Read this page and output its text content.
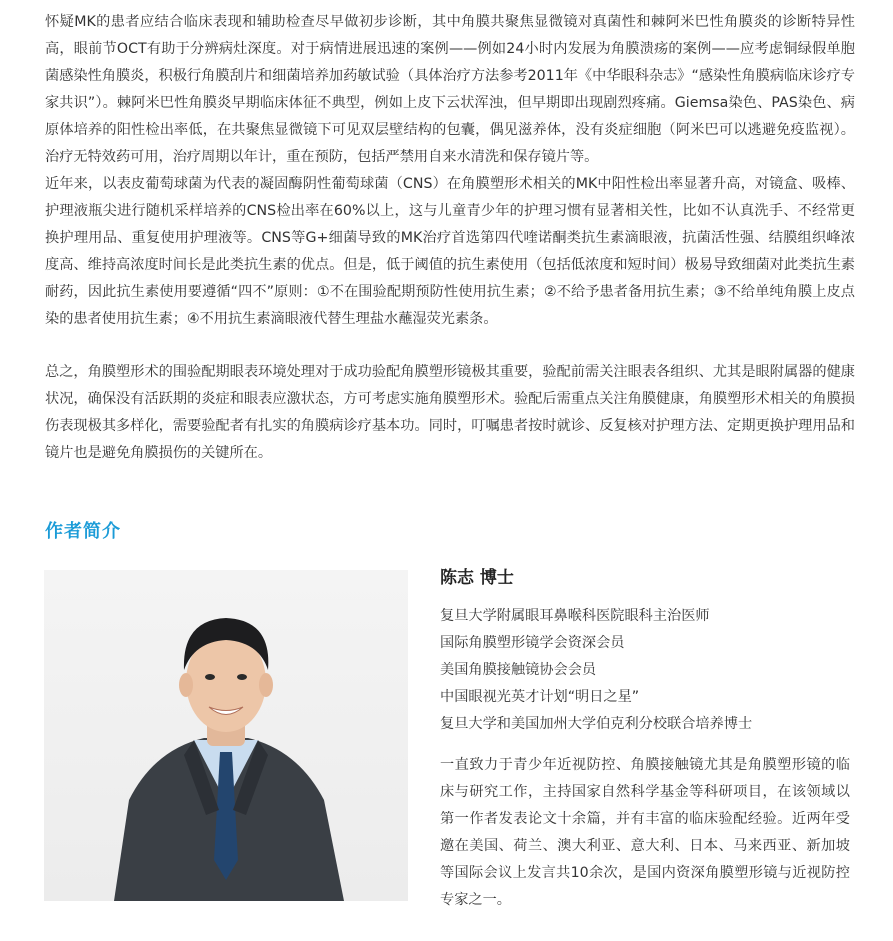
怀疑MK的患者应结合临床表现和辅助检查尽早做初步诊断，其中角膜共聚焦显微镜对真菌性和棘阿米巴性角膜炎的诊断特异性高，眼前节OCT有助于分辨病灶深度。对于病情进展迅速的案例——例如24小时内发展为角膜溃疡的案例——应考虑铜绿假单胞菌感染性角膜炎，积极行角膜刮片和细菌培养加药敏试验（具体治疗方法参考2011年《中华眼科杂志》“感染性角膜病临床诊疗专家共识”）。棘阿米巴性角膜炎早期临床体征不典型，例如上皮下云状浑浊，但早期即出现剧烈疼痛。Giemsa染色、PAS染色、病原体培养的阳性检出率低，在共聚焦显微镜下可见双层壁结构的包囊，偶见滋养体，没有炎症细胞（阿米巴可以逃避免疫监视）。治疗无特效药可用，治疗周期以年计，重在预防，包括严禁用自来水清洗和保存镜片等。

近年来，以表皮葡萄球菌为代表的凝固酶阴性葡萄球菌（CNS）在角膜塑形术相关的MK中阳性检出率显著升高，对镜盒、吸棒、护理液瓶尖进行随机采样培养的CNS检出率在60%以上，这与儿童青少年的护理习惯有显著相关性，比如不认真洗手、不经常更换护理用品、重复使用护理液等。CNS等G+细菌导致的MK治疗首选第四代喹诺酮类抗生素滴眼液，抗菌活性强、结膜组织峰浓度高、维持高浓度时间长是此类抗生素的优点。但是，低于阈值的抗生素使用（包括低浓度和短时间）极易导致细菌对此类抗生素耐药，因此抗生素使用要遵循“四不”原则：①不在围验配期预防性使用抗生素；②不给予患者备用抗生素；③不给单纯角膜上皮点染的患者使用抗生素；④不用抗生素滴眼液代替生理盐水蘸湿荧光素条。

总之，角膜塑形术的围验配期眼表环境处理对于成功验配角膜塑形镜极其重要，验配前需关注眼表各组织、尤其是眼附属器的健康状况，确保没有活跃期的炎症和眼表应激状态，方可考虑实施角膜塑形术。验配后需重点关注角膜健康，角膜塑形术相关的角膜损伤表现极其多样化，需要验配者有扎实的角膜病诊疗基本功。同时，叮嘱患者按时就诊、反复核对护理方法、定期更换护理用品和镜片也是避免角膜损伤的关键所在。

作者简介

陈志 博士

复旦大学附属眼耳鼻喉科医院眼科主治医师

国际角膜塑形镜学会资深会员

美国角膜接触镜协会会员

中国眼视光英才计划“明日之星”

复旦大学和美国加州大学伯克利分校联合培养博士

一直致力于青少年近视防控、角膜接触镜尤其是角膜塑形镜的临床与研究工作，主持国家自然科学基金等科研项目，在该领域以第一作者发表论文十余篇，并有丰富的临床验配经验。近两年受邀在美国、荷兰、澳大利亚、意大利、日本、马来西亚、新加坡等国际会议上发言共10余次，是国内资深角膜塑形镜与近视防控专家之一。
